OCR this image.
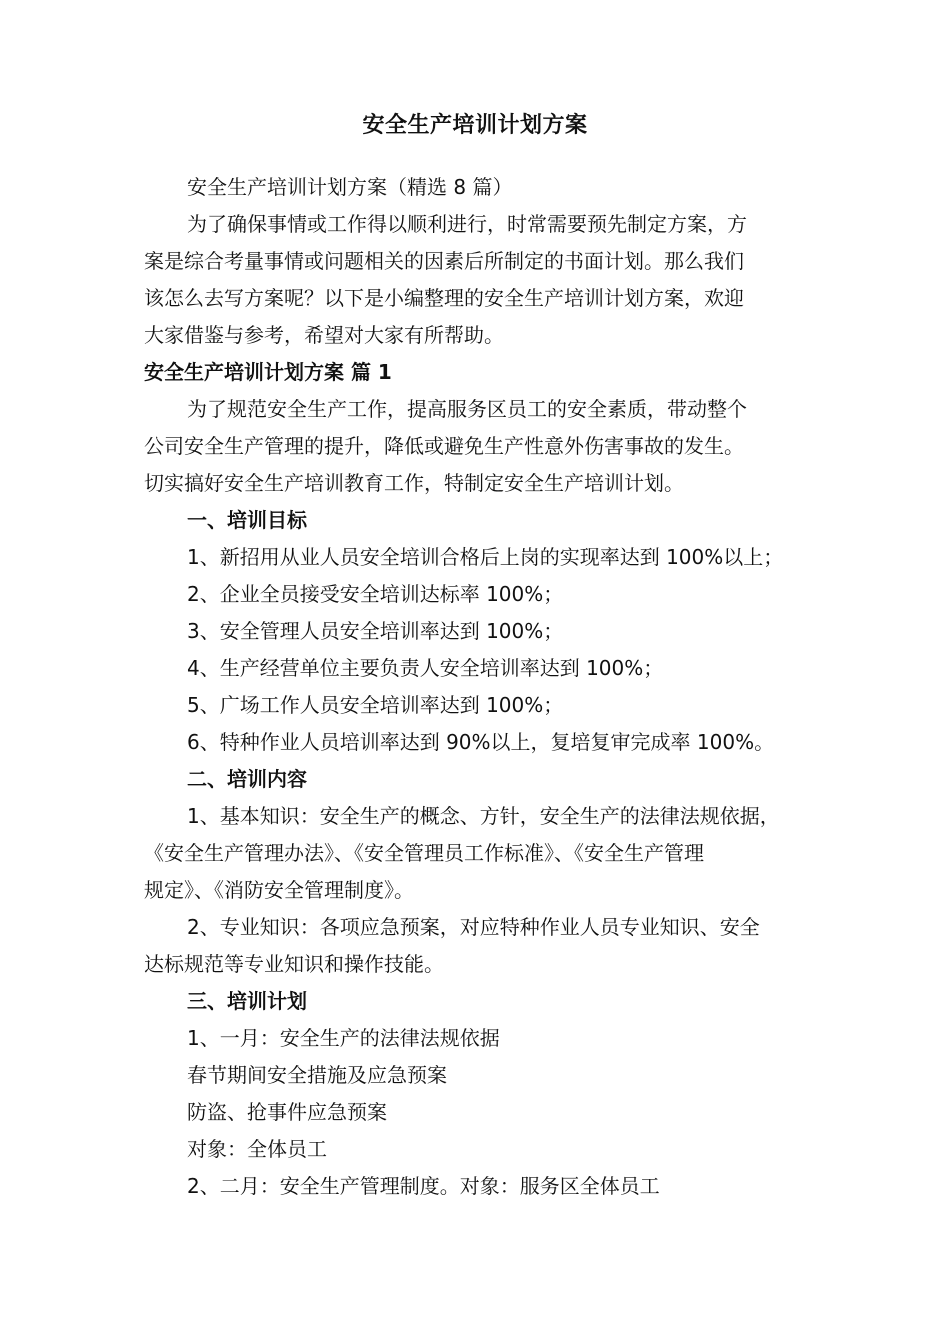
安全生产培训计划方案

安全生产培训计划方案（精选 8 篇）

为了确保事情或工作得以顺利进行，时常需要预先制定方案，方
案是综合考量事情或问题相关的因素后所制定的书面计划。那么我们
该怎么去写方案呢？以下是小编整理的安全生产培训计划方案，欢迎
大家借鉴与参考，希望对大家有所帮助。

安全生产培训计划方案 篇 1

为了规范安全生产工作，提高服务区员工的安全素质，带动整个
公司安全生产管理的提升，降低或避免生产性意外伤害事故的发生。
切实搞好安全生产培训教育工作，特制定安全生产培训计划。

一、培训目标

1、新招用从业人员安全培训合格后上岗的实现率达到 100%以上；

2、企业全员接受安全培训达标率 100%；

3、安全管理人员安全培训率达到 100%；

4、生产经营单位主要负责人安全培训率达到 100%；

5、广场工作人员安全培训率达到 100%；

6、特种作业人员培训率达到 90%以上，复培复审完成率 100%。

二、培训内容

1、基本知识：安全生产的概念、方针，安全生产的法律法规依据，
《安全生产管理办法》、《安全管理员工作标准》、《安全生产管理
规定》、《消防安全管理制度》。

2、专业知识：各项应急预案，对应特种作业人员专业知识、安全
达标规范等专业知识和操作技能。

三、培训计划

1、一月：安全生产的法律法规依据

春节期间安全措施及应急预案

防盗、抢事件应急预案

对象：全体员工

2、二月：安全生产管理制度。对象：服务区全体员工
